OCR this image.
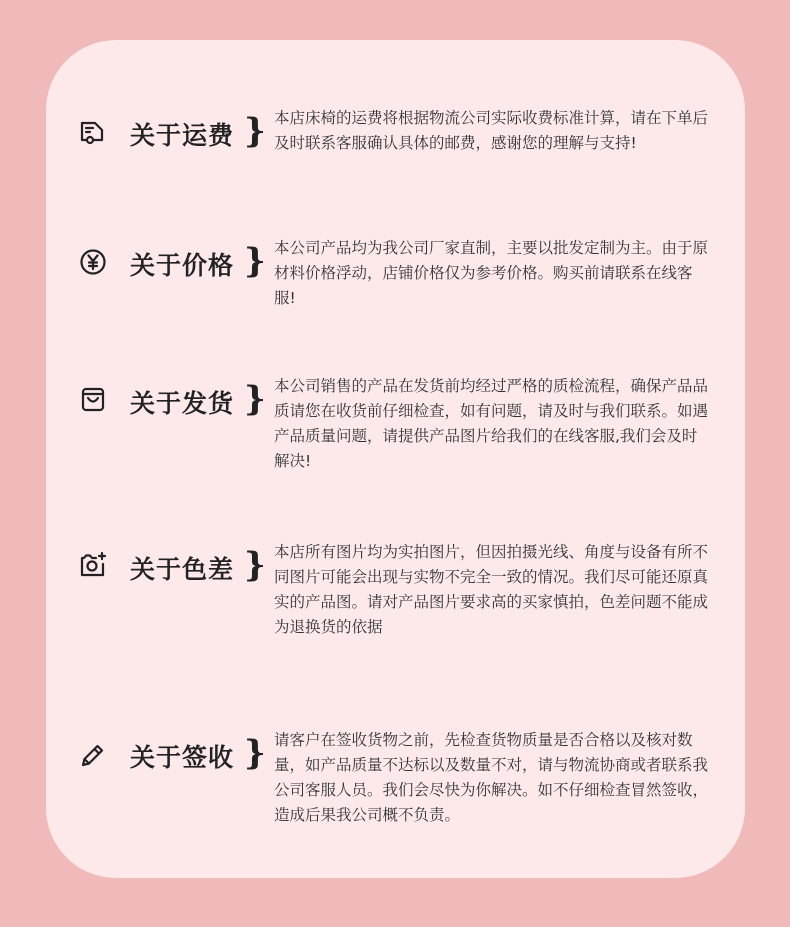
关于运费 } 本店床椅的运费将根据物流公司实际收费标准计算，请在下单后及时联系客服确认具体的邮费，感谢您的理解与支持!

关于价格 } 本公司产品均为我公司厂家直制，主要以批发定制为主。由于原材料价格浮动，店铺价格仅为参考价格。购买前请联系在线客服!

关于发货 } 本公司销售的产品在发货前均经过严格的质检流程，确保产品品质请您在收货前仔细检查，如有问题，请及时与我们联系。如遇产品质量问题，请提供产品图片给我们的在线客服,我们会及时解决!

关于色差 } 本店所有图片均为实拍图片，但因拍摄光线、角度与设备有所不同图片可能会出现与实物不完全一致的情况。我们尽可能还原真实的产品图。请对产品图片要求高的买家慎拍，色差问题不能成为退换货的依据

关于签收 } 请客户在签收货物之前，先检查货物质量是否合格以及核对数量，如产品质量不达标以及数量不对，请与物流协商或者联系我公司客服人员。我们会尽快为你解决。如不仔细检查冒然签收，造成后果我公司概不负责。
